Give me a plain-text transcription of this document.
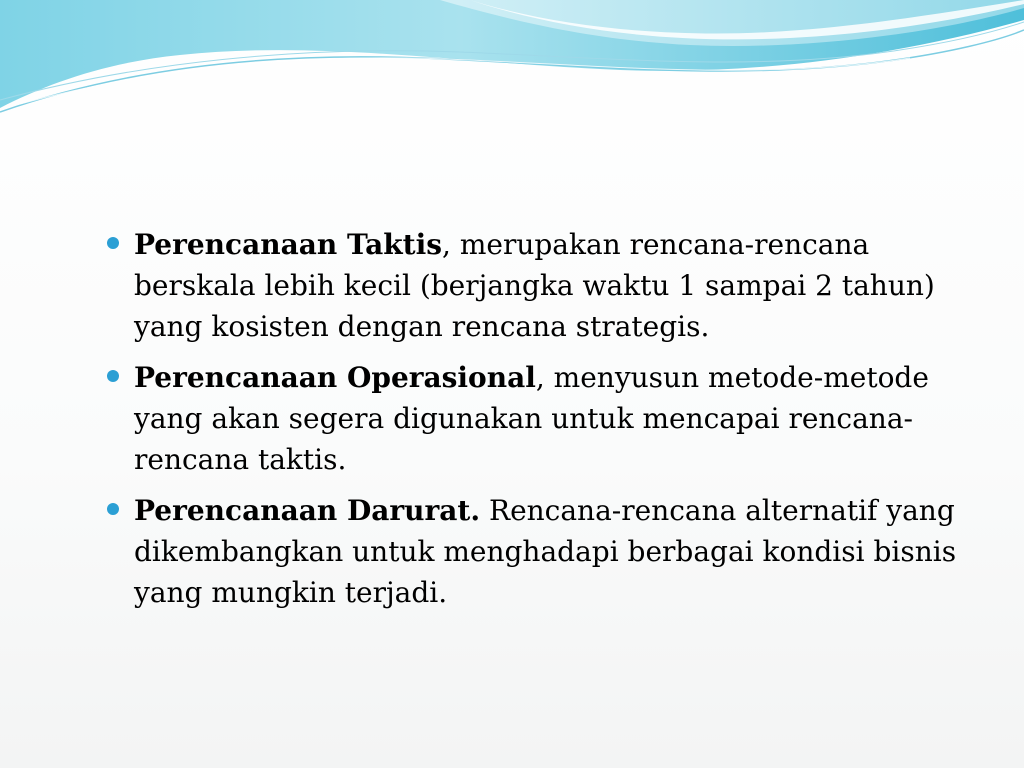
Perencanaan Taktis, merupakan rencana-rencana berskala lebih kecil (berjangka waktu 1 sampai 2 tahun) yang kosisten dengan rencana strategis.
Perencanaan Operasional, menyusun metode-metode yang akan segera digunakan untuk mencapai rencana-rencana taktis.
Perencanaan Darurat. Rencana-rencana alternatif yang dikembangkan untuk menghadapi berbagai kondisi bisnis yang mungkin terjadi.
